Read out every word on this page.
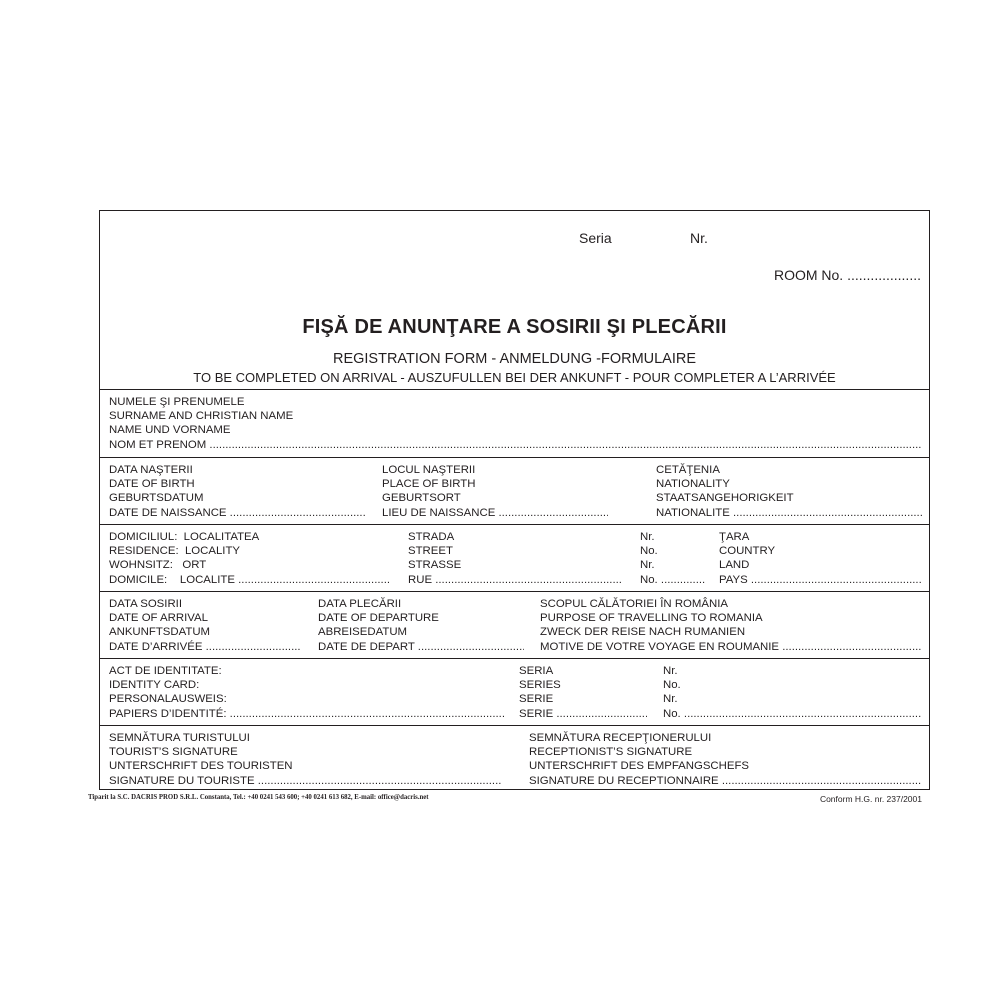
Seria	Nr.
ROOM No. ...................
FIŞĂ DE ANUNŢARE A SOSIRII ŞI PLECĂRII
REGISTRATION FORM - ANMELDUNG -FORMULAIRE
TO BE COMPLETED ON ARRIVAL - AUSZUFULLEN BEI DER ANKUNFT - POUR COMPLETER A L’ARRIVÉE
NUMELE ŞI PRENUMELE
SURNAME AND CHRISTIAN NAME
NAME UND VORNAME
NOM ET PRENOM .....
DATA NAŞTERII
DATE OF BIRTH
GEBURTSDATUM
DATE DE NAISSANCE .....
LOCUL NAŞTERII
PLACE OF BIRTH
GEBURTSORT
LIEU DE NAISSANCE .....
CETĂŢENIA
NATIONALITY
STAATSANGEHORIGKEIT
NATIONALITE .....
DOMICILIUL:  LOCALITATEA
RESIDENCE:  LOCALITY
WOHNSITZ:   ORT
DOMICILE:    LOCALITE .....
STRADA
STREET
STRASSE
RUE .....
Nr.
No.
Nr.
No. .....
ŢARA
COUNTRY
LAND
PAYS .....
DATA SOSIRII
DATE OF ARRIVAL
ANKUNFTSDATUM
DATE D’ARRIVÉE .....
DATA PLECĂRII
DATE OF DEPARTURE
ABREISEDATUM
DATE DE DEPART .....
SCOPUL CĂLĂTORIEI ÎN ROMÂNIA
PURPOSE OF TRAVELLING TO ROMANIA
ZWECK DER REISE NACH RUMANIEN
MOTIVE DE VOTRE VOYAGE EN ROUMANIE .....
ACT DE IDENTITATE:
IDENTITY CARD:
PERSONALAUSWEIS:
PAPIERS D’IDENTITÉ: .....
SERIA
SERIES
SERIE
SERIE .....
Nr.
No.
Nr.
No. .....
SEMNĂTURA TURISTULUI
TOURIST’S SIGNATURE
UNTERSCHRIFT DES TOURISTEN
SIGNATURE DU TOURISTE .....
SEMNĂTURA RECEPŢIONERULUI
RECEPTIONIST’S SIGNATURE
UNTERSCHRIFT DES EMPFANGSCHEFS
SIGNATURE DU RECEPTIONNAIRE .....
Tiparit la S.C. DACRIS PROD S.R.L. Constanta, Tel.: +40 0241 543 600; +40 0241 613 682, E-mail: office@dacris.net	Conform H.G. nr. 237/2001
